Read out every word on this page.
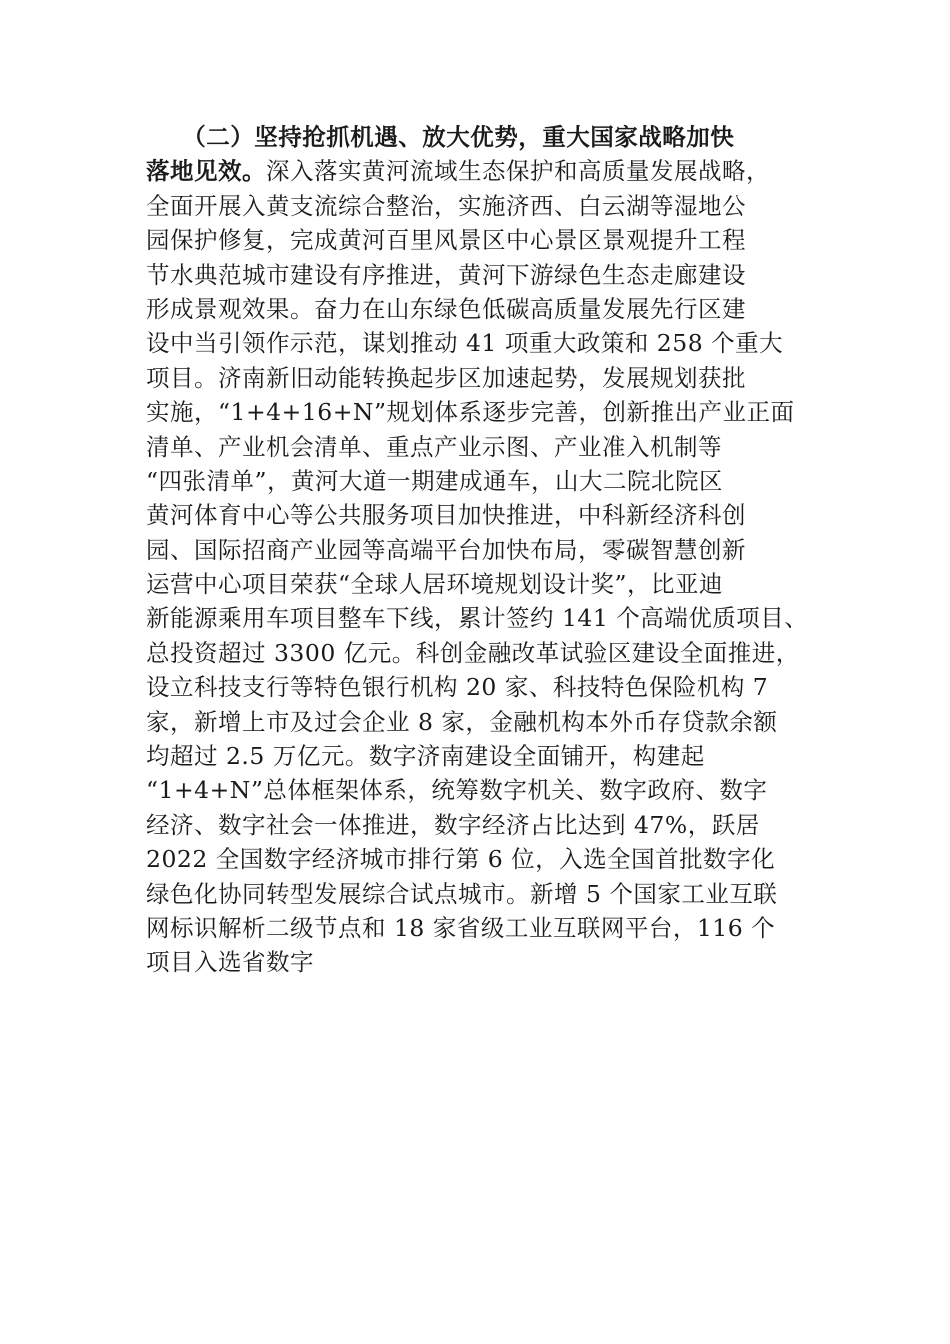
　　（二）坚持抢抓机遇、放大优势，重大国家战略加快
落地见效。深入落实黄河流域生态保护和高质量发展战略，
全面开展入黄支流综合整治，实施济西、白云湖等湿地公
园保护修复，完成黄河百里风景区中心景区景观提升工程
节水典范城市建设有序推进，黄河下游绿色生态走廊建设
形成景观效果。奋力在山东绿色低碳高质量发展先行区建
设中当引领作示范，谋划推动 41 项重大政策和 258 个重大
项目。济南新旧动能转换起步区加速起势，发展规划获批
实施，“1+4+16+N”规划体系逐步完善，创新推出产业正面
清单、产业机会清单、重点产业示图、产业准入机制等
“四张清单”，黄河大道一期建成通车，山大二院北院区
黄河体育中心等公共服务项目加快推进，中科新经济科创
园、国际招商产业园等高端平台加快布局，零碳智慧创新
运营中心项目荣获“全球人居环境规划设计奖”，比亚迪
新能源乘用车项目整车下线，累计签约 141 个高端优质项目、
总投资超过 3300 亿元。科创金融改革试验区建设全面推进，
设立科技支行等特色银行机构 20 家、科技特色保险机构 7
家，新增上市及过会企业 8 家，金融机构本外币存贷款余额
均超过 2.5 万亿元。数字济南建设全面铺开，构建起
“1+4+N”总体框架体系，统筹数字机关、数字政府、数字
经济、数字社会一体推进，数字经济占比达到 47%，跃居
2022 全国数字经济城市排行第 6 位，入选全国首批数字化
绿色化协同转型发展综合试点城市。新增 5 个国家工业互联
网标识解析二级节点和 18 家省级工业互联网平台，116 个
项目入选省数字
